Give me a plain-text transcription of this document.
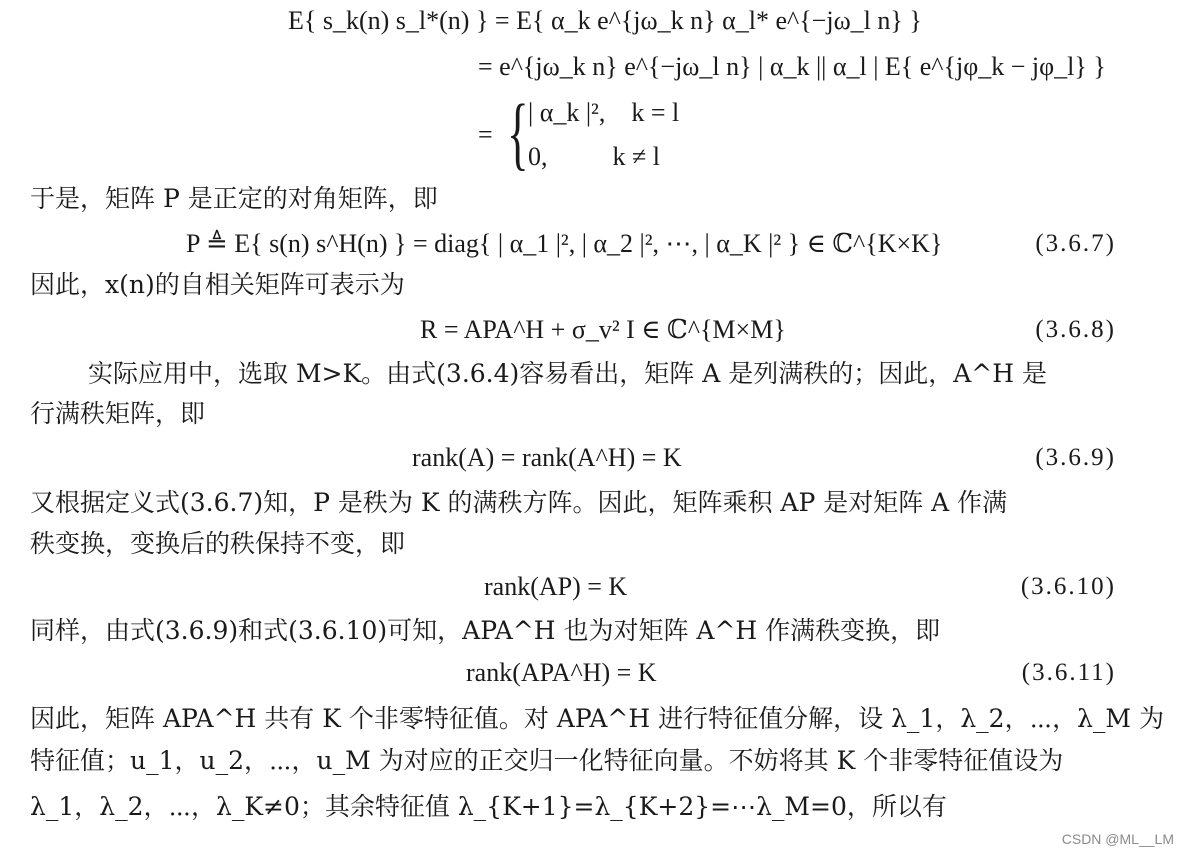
E{ s_k(n) s_l*(n) } = E{ α_k e^{jω_k n} α_l* e^{−jω_l n} }
= e^{jω_k n} e^{−jω_l n} | α_k || α_l | E{ e^{jφ_k − jφ_l} }
= { | α_k |²,    k = l
0,          k ≠ l
于是，矩阵 P 是正定的对角矩阵，即
P ≜ E{ s(n) s^H(n) } = diag{ | α_1 |², | α_2 |², ⋯, | α_K |² } ∈ ℂ^{K×K}	(3.6.7)
因此，x(n)的自相关矩阵可表示为
R = APA^H + σ_v² I ∈ ℂ^{M×M}	(3.6.8)
实际应用中，选取 M>K。由式(3.6.4)容易看出，矩阵 A 是列满秩的；因此，A^H 是
行满秩矩阵，即
rank(A) = rank(A^H) = K	(3.6.9)
又根据定义式(3.6.7)知，P 是秩为 K 的满秩方阵。因此，矩阵乘积 AP 是对矩阵 A 作满
秩变换，变换后的秩保持不变，即
rank(AP) = K	(3.6.10)
同样，由式(3.6.9)和式(3.6.10)可知，APA^H 也为对矩阵 A^H 作满秩变换，即
rank(APA^H) = K	(3.6.11)
因此，矩阵 APA^H 共有 K 个非零特征值。对 APA^H 进行特征值分解，设 λ_1，λ_2，⋯，λ_M 为
特征值；u_1，u_2，⋯，u_M 为对应的正交归一化特征向量。不妨将其 K 个非零特征值设为
λ_1，λ_2，⋯，λ_K≠0；其余特征值 λ_{K+1}=λ_{K+2}=⋯λ_M=0，所以有
CSDN @ML__LM
